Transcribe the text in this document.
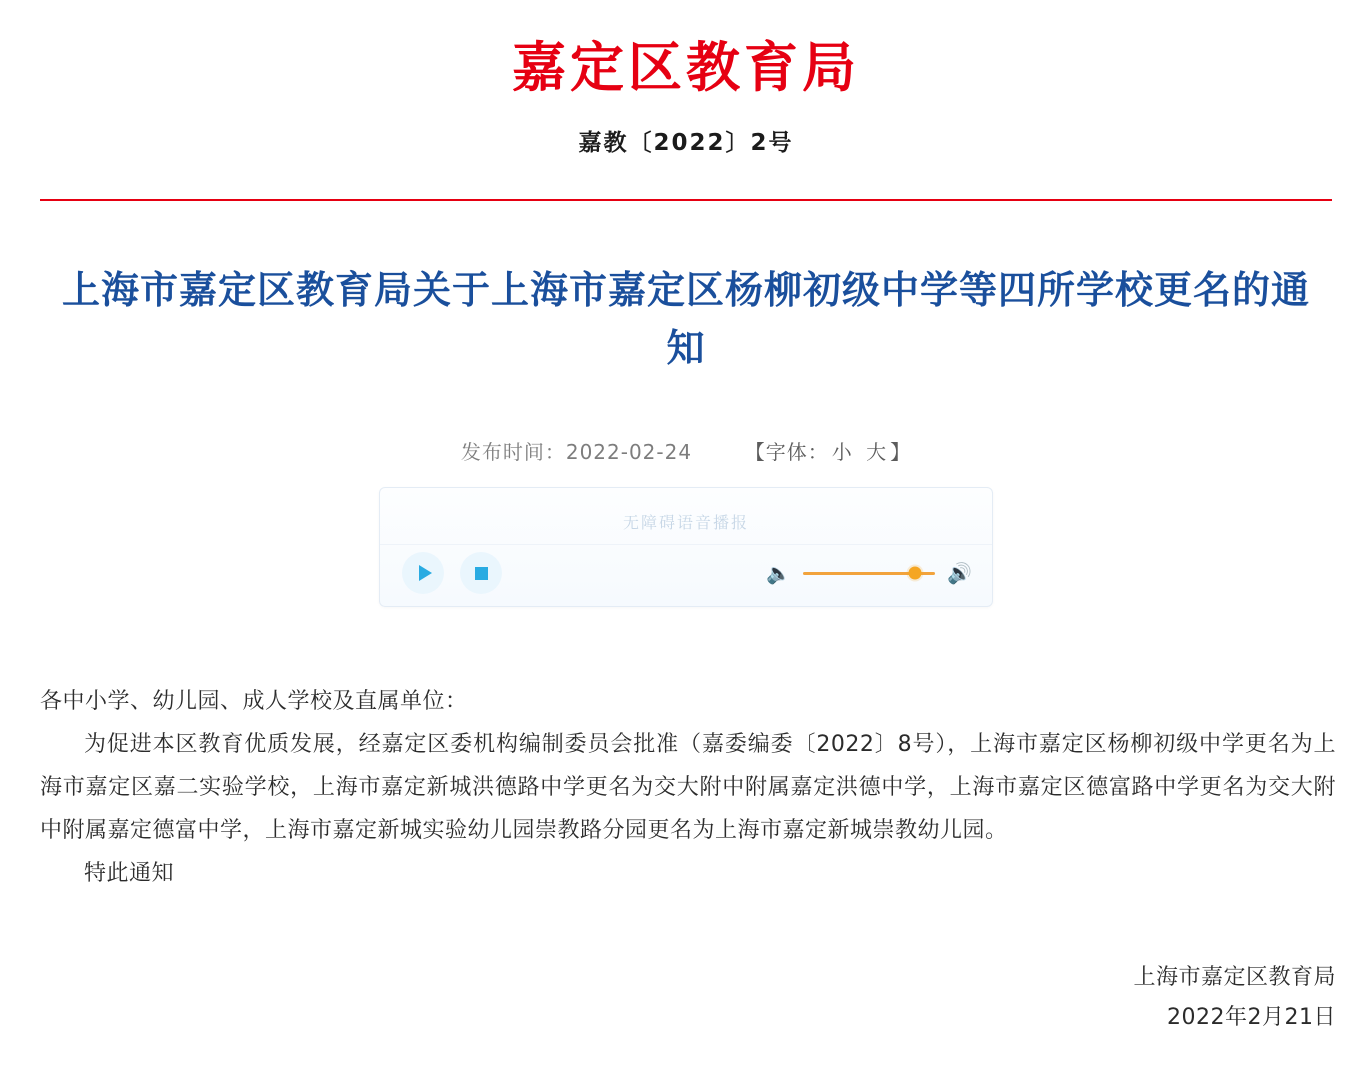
嘉定区教育局
嘉教〔2022〕2号
上海市嘉定区教育局关于上海市嘉定区杨柳初级中学等四所学校更名的通知
发布时间：2022-02-24	【字体： 小 大 】
无障碍语音播报
🔈	🔊

各中小学、幼儿园、成人学校及直属单位：

为促进本区教育优质发展，经嘉定区委机构编制委员会批准（嘉委编委〔2022〕8号），上海市嘉定区杨柳初级中学更名为上海市嘉定区嘉二实验学校，上海市嘉定新城洪德路中学更名为交大附中附属嘉定洪德中学，上海市嘉定区德富路中学更名为交大附中附属嘉定德富中学，上海市嘉定新城实验幼儿园崇教路分园更名为上海市嘉定新城崇教幼儿园。

特此通知

上海市嘉定区教育局
2022年2月21日
